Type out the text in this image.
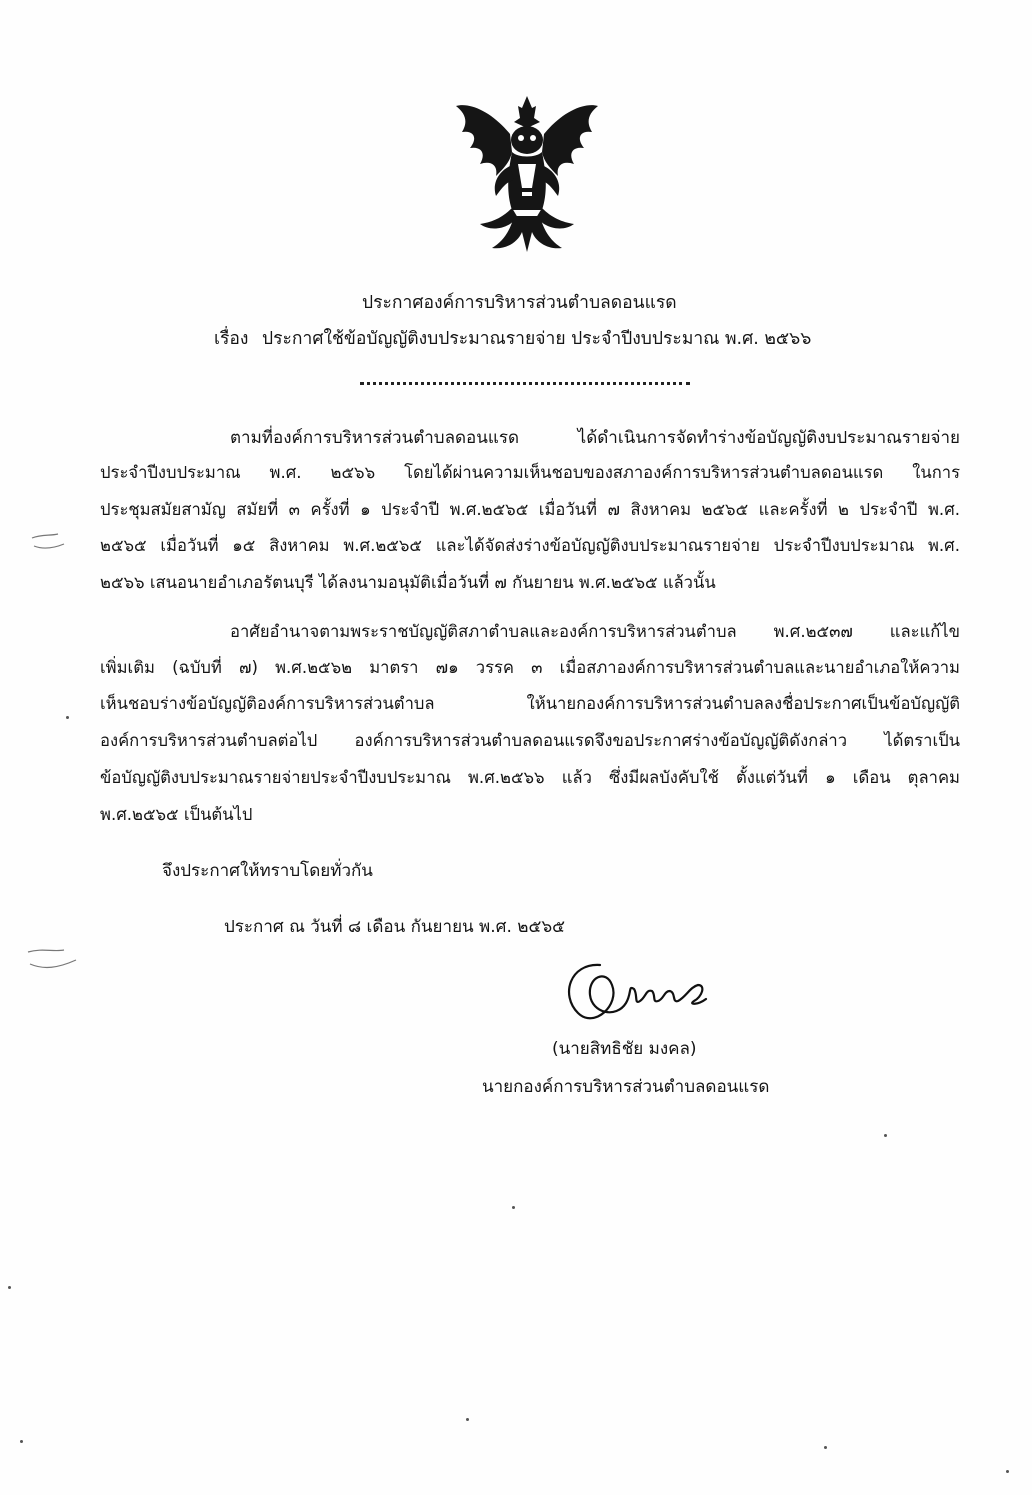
ประกาศองค์การบริหารส่วนตำบลดอนแรด
เรื่อง ประกาศใช้ข้อบัญญัติงบประมาณรายจ่าย ประจำปีงบประมาณ พ.ศ. ๒๕๖๖
ตามที่องค์การบริหารส่วนตำบลดอนแรด ได้ดำเนินการจัดทำร่างข้อบัญญัติงบประมาณรายจ่าย
ประจำปีงบประมาณ พ.ศ. ๒๕๖๖ โดยได้ผ่านความเห็นชอบของสภาองค์การบริหารส่วนตำบลดอนแรด ในการ
ประชุมสมัยสามัญ สมัยที่ ๓ ครั้งที่ ๑ ประจำปี พ.ศ.๒๕๖๕ เมื่อวันที่ ๗ สิงหาคม ๒๕๖๕ และครั้งที่ ๒ ประจำปี พ.ศ.
๒๕๖๕ เมื่อวันที่ ๑๕ สิงหาคม พ.ศ.๒๕๖๕ และได้จัดส่งร่างข้อบัญญัติงบประมาณรายจ่าย ประจำปีงบประมาณ พ.ศ.
๒๕๖๖ เสนอนายอำเภอรัตนบุรี ได้ลงนามอนุมัติเมื่อวันที่ ๗ กันยายน พ.ศ.๒๕๖๕ แล้วนั้น
อาศัยอำนาจตามพระราชบัญญัติสภาตำบลและองค์การบริหารส่วนตำบล พ.ศ.๒๕๓๗ และแก้ไข
เพิ่มเติม (ฉบับที่ ๗) พ.ศ.๒๕๖๒ มาตรา ๗๑ วรรค ๓ เมื่อสภาองค์การบริหารส่วนตำบลและนายอำเภอให้ความ
เห็นชอบร่างข้อบัญญัติองค์การบริหารส่วนตำบล ให้นายกองค์การบริหารส่วนตำบลลงชื่อประกาศเป็นข้อบัญญัติ
องค์การบริหารส่วนตำบลต่อไป องค์การบริหารส่วนตำบลดอนแรดจึงขอประกาศร่างข้อบัญญัติดังกล่าว ได้ตราเป็น
ข้อบัญญัติงบประมาณรายจ่ายประจำปีงบประมาณ พ.ศ.๒๕๖๖ แล้ว ซึ่งมีผลบังคับใช้ ตั้งแต่วันที่ ๑ เดือน ตุลาคม
พ.ศ.๒๕๖๕ เป็นต้นไป
จึงประกาศให้ทราบโดยทั่วกัน
ประกาศ ณ วันที่ ๘ เดือน กันยายน พ.ศ. ๒๕๖๕
(นายสิทธิชัย มงคล)
นายกองค์การบริหารส่วนตำบลดอนแรด
